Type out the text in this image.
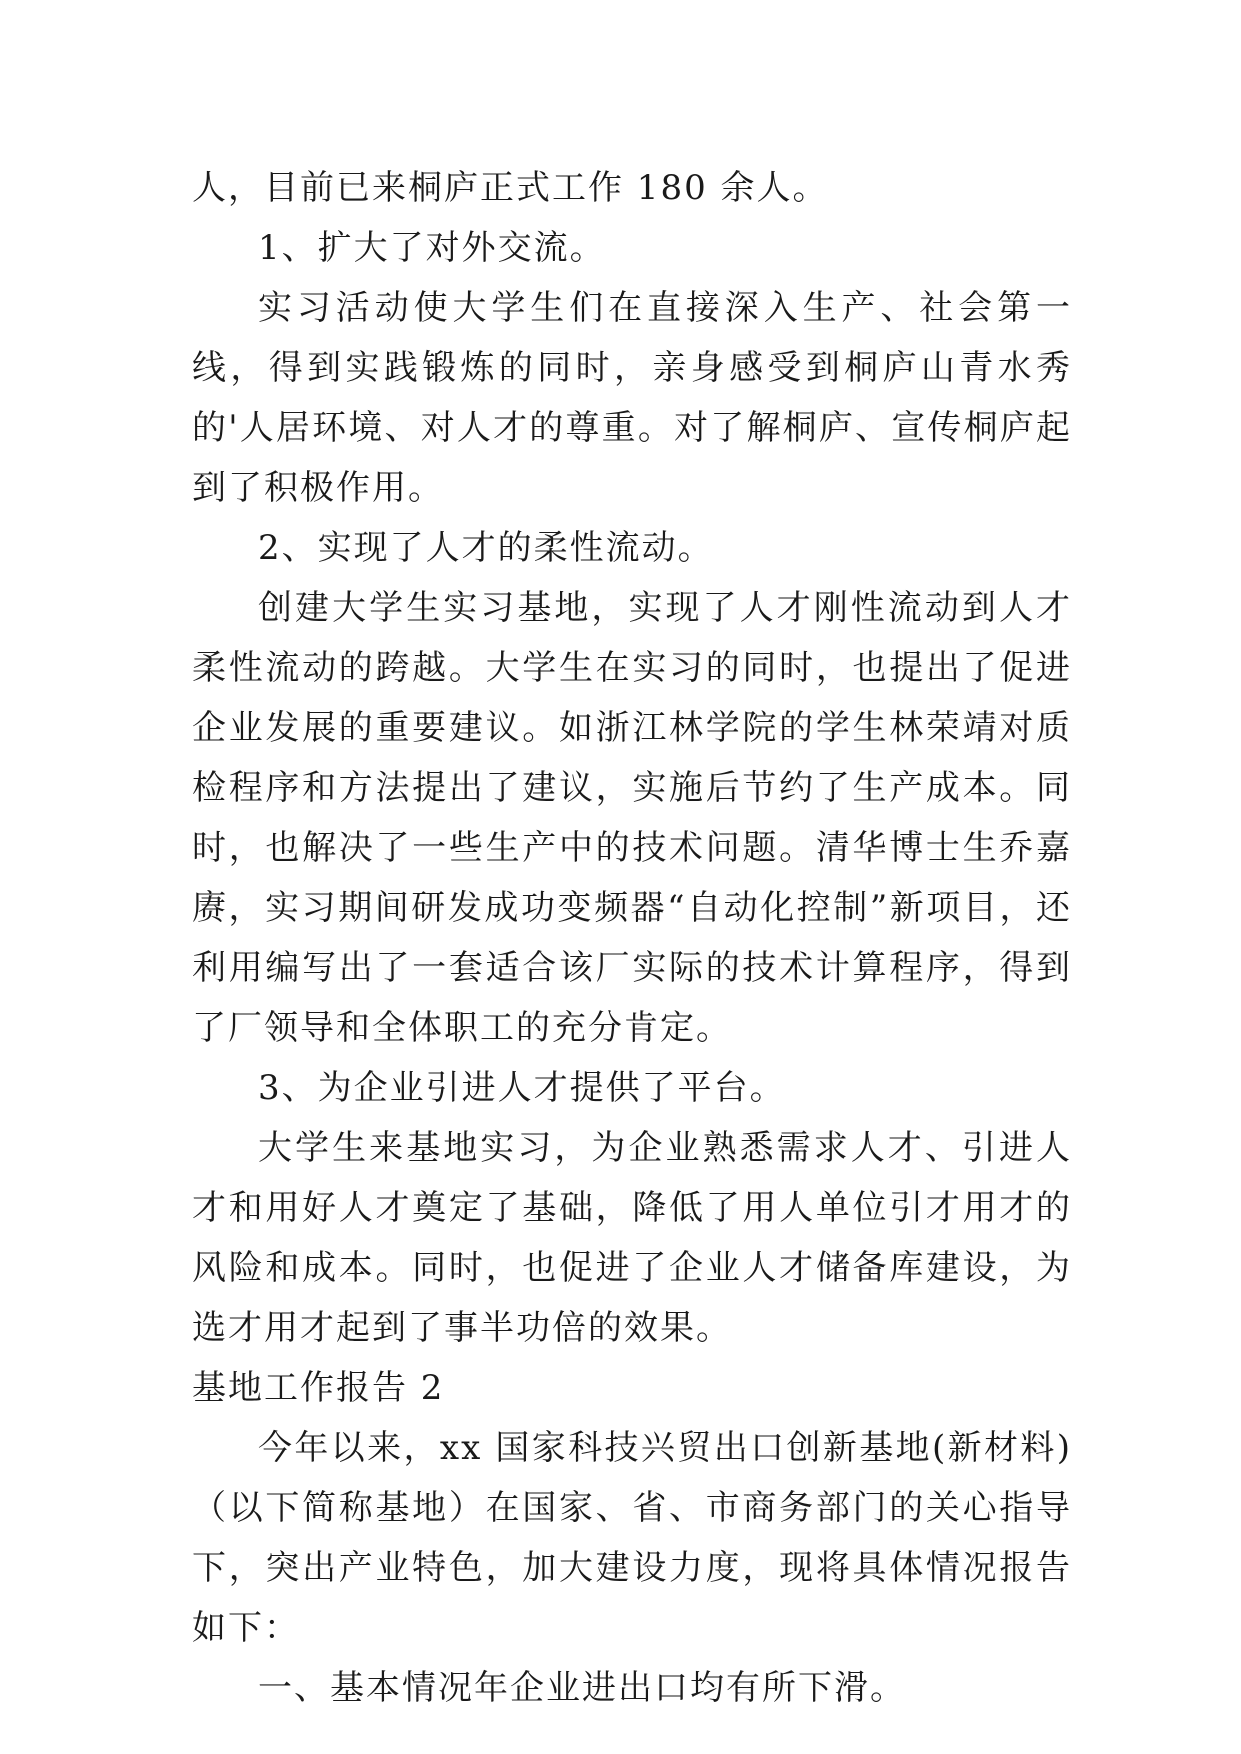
人，目前已来桐庐正式工作 180 余人。

1、扩大了对外交流。

实习活动使大学生们在直接深入生产、社会第一线，得到实践锻炼的同时，亲身感受到桐庐山青水秀的'人居环境、对人才的尊重。对了解桐庐、宣传桐庐起到了积极作用。

2、实现了人才的柔性流动。

创建大学生实习基地，实现了人才刚性流动到人才柔性流动的跨越。大学生在实习的同时，也提出了促进企业发展的重要建议。如浙江林学院的学生林荣靖对质检程序和方法提出了建议，实施后节约了生产成本。同时，也解决了一些生产中的技术问题。清华博士生乔嘉赓，实习期间研发成功变频器“自动化控制”新项目，还利用编写出了一套适合该厂实际的技术计算程序，得到了厂领导和全体职工的充分肯定。

3、为企业引进人才提供了平台。

大学生来基地实习，为企业熟悉需求人才、引进人才和用好人才奠定了基础，降低了用人单位引才用才的风险和成本。同时，也促进了企业人才储备库建设，为选才用才起到了事半功倍的效果。

基地工作报告 2

今年以来，xx 国家科技兴贸出口创新基地(新材料)（以下简称基地）在国家、省、市商务部门的关心指导下，突出产业特色，加大建设力度，现将具体情况报告如下：

一、基本情况年企业进出口均有所下滑。
